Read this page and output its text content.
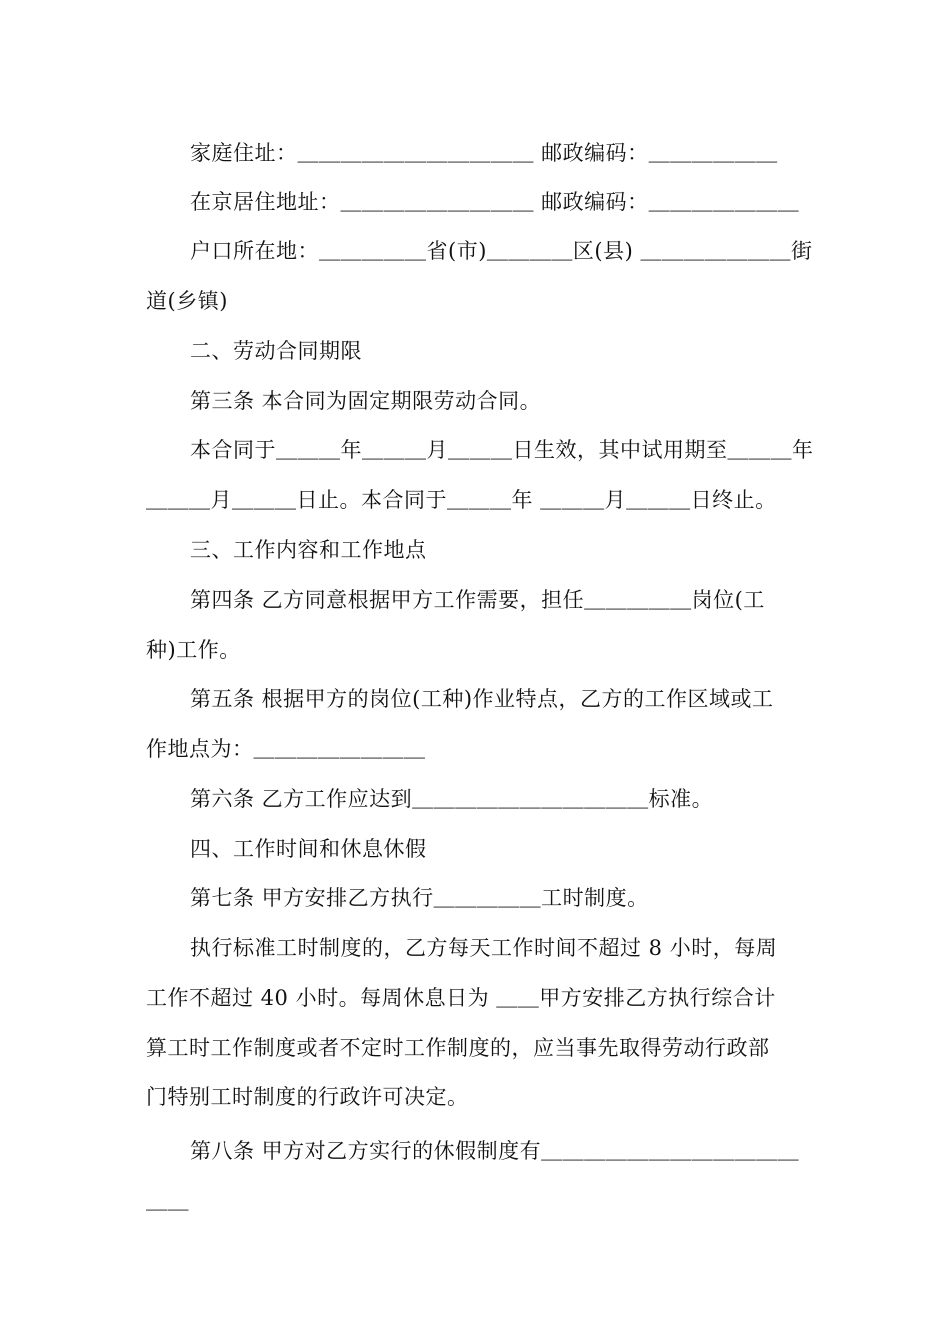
家庭住址：＿＿＿＿＿＿＿＿＿＿＿ 邮政编码：＿＿＿＿＿＿
在京居住地址：＿＿＿＿＿＿＿＿＿ 邮政编码：＿＿＿＿＿＿＿
户口所在地：＿＿＿＿＿省(市)＿＿＿＿区(县) ＿＿＿＿＿＿＿街
道(乡镇)
二、劳动合同期限
第三条 本合同为固定期限劳动合同。
本合同于＿＿＿年＿＿＿月＿＿＿日生效，其中试用期至＿＿＿年
＿＿＿月＿＿＿日止。本合同于＿＿＿年 ＿＿＿月＿＿＿日终止。
三、工作内容和工作地点
第四条 乙方同意根据甲方工作需要，担任＿＿＿＿＿岗位(工
种)工作。
第五条 根据甲方的岗位(工种)作业特点，乙方的工作区域或工
作地点为：＿＿＿＿＿＿＿＿
第六条 乙方工作应达到＿＿＿＿＿＿＿＿＿＿＿标准。
四、工作时间和休息休假
第七条 甲方安排乙方执行＿＿＿＿＿工时制度。
执行标准工时制度的，乙方每天工作时间不超过 8 小时，每周
工作不超过 40 小时。每周休息日为 ＿＿甲方安排乙方执行综合计
算工时工作制度或者不定时工作制度的，应当事先取得劳动行政部
门特别工时制度的行政许可决定。
第八条 甲方对乙方实行的休假制度有＿＿＿＿＿＿＿＿＿＿＿＿
＿＿
